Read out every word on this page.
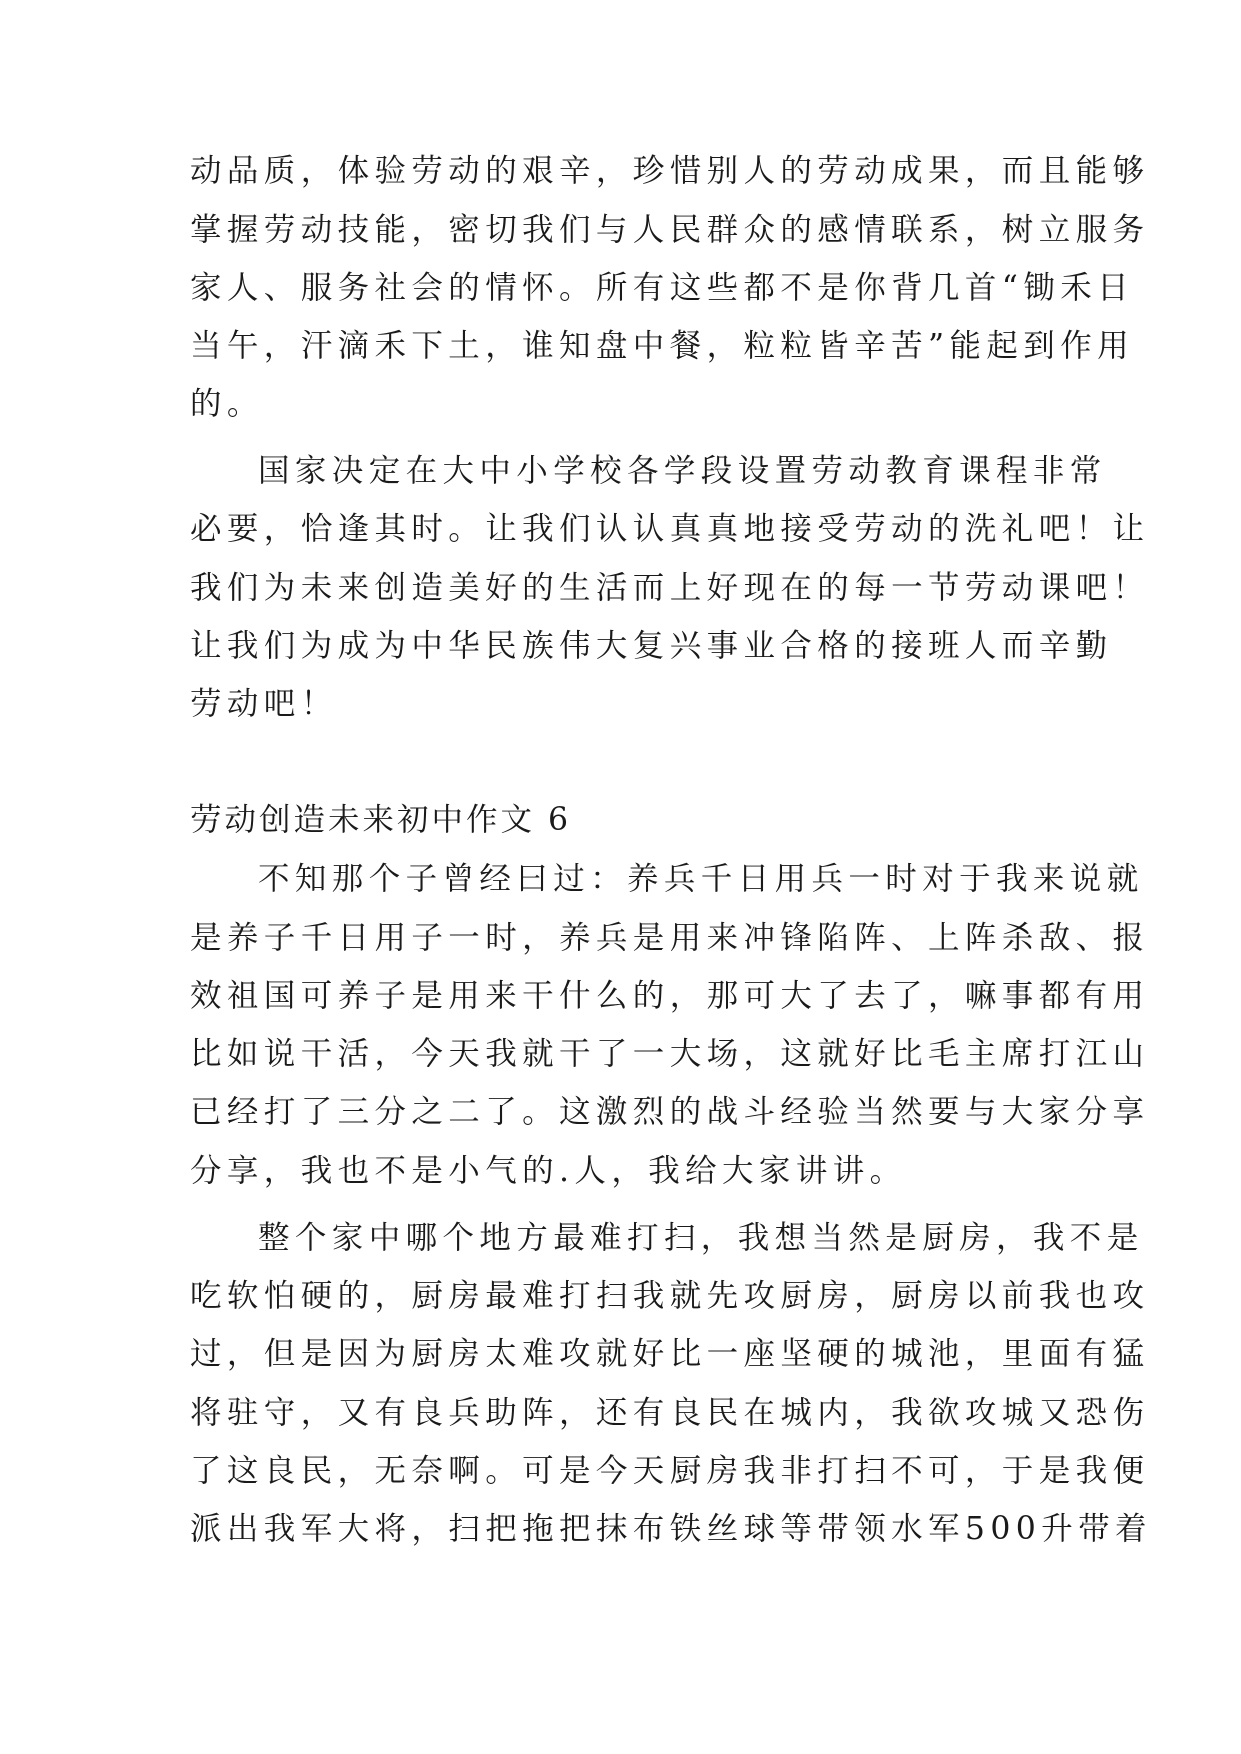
动品质，体验劳动的艰辛，珍惜别人的劳动成果，而且能够
掌握劳动技能，密切我们与人民群众的感情联系，树立服务
家人、服务社会的情怀。所有这些都不是你背几首“锄禾日
当午，汗滴禾下土，谁知盘中餐，粒粒皆辛苦”能起到作用
的。
国家决定在大中小学校各学段设置劳动教育课程非常
必要，恰逢其时。让我们认认真真地接受劳动的洗礼吧！让
我们为未来创造美好的生活而上好现在的每一节劳动课吧！
让我们为成为中华民族伟大复兴事业合格的接班人而辛勤
劳动吧！
劳动创造未来初中作文 6
不知那个子曾经曰过：养兵千日用兵一时对于我来说就
是养子千日用子一时，养兵是用来冲锋陷阵、上阵杀敌、报
效祖国可养子是用来干什么的，那可大了去了，嘛事都有用
比如说干活，今天我就干了一大场，这就好比毛主席打江山
已经打了三分之二了。这激烈的战斗经验当然要与大家分享
分享，我也不是小气的.人，我给大家讲讲。
整个家中哪个地方最难打扫，我想当然是厨房，我不是
吃软怕硬的，厨房最难打扫我就先攻厨房，厨房以前我也攻
过，但是因为厨房太难攻就好比一座坚硬的城池，里面有猛
将驻守，又有良兵助阵，还有良民在城内，我欲攻城又恐伤
了这良民，无奈啊。可是今天厨房我非打扫不可，于是我便
派出我军大将，扫把拖把抹布铁丝球等带领水军500升带着
